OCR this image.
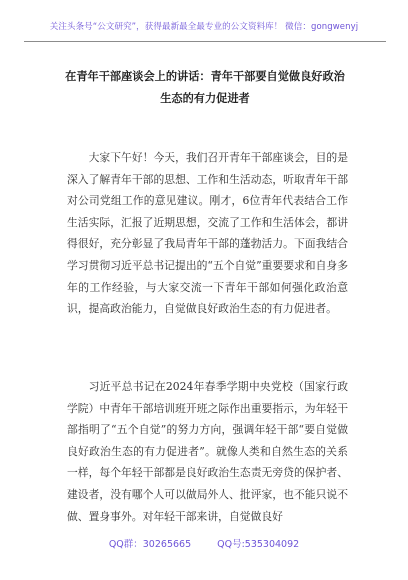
关注头条号“公文研究”，获得最新最全最专业的公文资料库！ 微信：gongwenyj
在青年干部座谈会上的讲话：青年干部要自觉做良好政治
生态的有力促进者

大家下午好！今天，我们召开青年干部座谈会，目的是深入了解青年干部的思想、工作和生活动态，听取青年干部对公司党组工作的意见建议。刚才，6位青年代表结合工作生活实际，汇报了近期思想，交流了工作和生活体会，都讲得很好，充分彰显了我局青年干部的蓬勃活力。下面我结合学习贯彻习近平总书记提出的“五个自觉”重要要求和自身多年的工作经验，与大家交流一下青年干部如何强化政治意识，提高政治能力，自觉做良好政治生态的有力促进者。

习近平总书记在2024年春季学期中央党校（国家行政学院）中青年干部培训班开班之际作出重要指示，为年轻干部指明了“五个自觉”的努力方向，强调年轻干部“要自觉做良好政治生态的有力促进者”。就像人类和自然生态的关系一样，每个年轻干部都是良好政治生态责无旁贷的保护者、建设者，没有哪个人可以做局外人、批评家，也不能只说不做、置身事外。对年轻干部来讲，自觉做良好

QQ群：30265665	QQ号:535304092
